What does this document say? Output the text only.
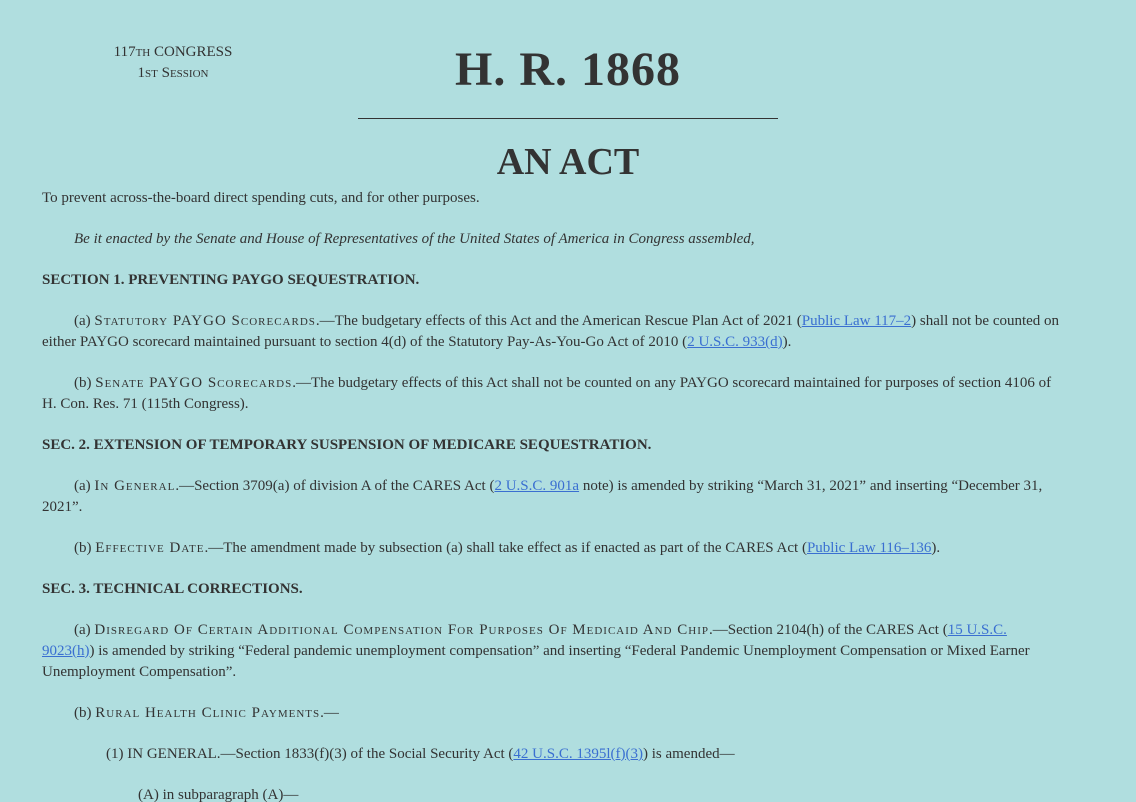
117th CONGRESS
1st Session	H. R. 1868
AN ACT

To prevent across-the-board direct spending cuts, and for other purposes.

Be it enacted by the Senate and House of Representatives of the United States of America in Congress assembled,

SECTION 1. PREVENTING PAYGO SEQUESTRATION.

(a) Statutory PAYGO Scorecards.—The budgetary effects of this Act and the American Rescue Plan Act of 2021 (Public Law 117–2) shall not be counted on either PAYGO scorecard maintained pursuant to section 4(d) of the Statutory Pay-As-You-Go Act of 2010 (2 U.S.C. 933(d)).

(b) Senate PAYGO Scorecards.—The budgetary effects of this Act shall not be counted on any PAYGO scorecard maintained for purposes of section 4106 of H. Con. Res. 71 (115th Congress).

SEC. 2. EXTENSION OF TEMPORARY SUSPENSION OF MEDICARE SEQUESTRATION.

(a) In General.—Section 3709(a) of division A of the CARES Act (2 U.S.C. 901a note) is amended by striking “March 31, 2021” and inserting “December 31, 2021”.

(b) Effective Date.—The amendment made by subsection (a) shall take effect as if enacted as part of the CARES Act (Public Law 116–136).

SEC. 3. TECHNICAL CORRECTIONS.

(a) Disregard Of Certain Additional Compensation For Purposes Of Medicaid And Chip.—Section 2104(h) of the CARES Act (15 U.S.C. 9023(h)) is amended by striking “Federal pandemic unemployment compensation” and inserting “Federal Pandemic Unemployment Compensation or Mixed Earner Unemployment Compensation”.

(b) Rural Health Clinic Payments.—

(1) IN GENERAL.—Section 1833(f)(3) of the Social Security Act (42 U.S.C. 1395l(f)(3)) is amended—

(A) in subparagraph (A)—
